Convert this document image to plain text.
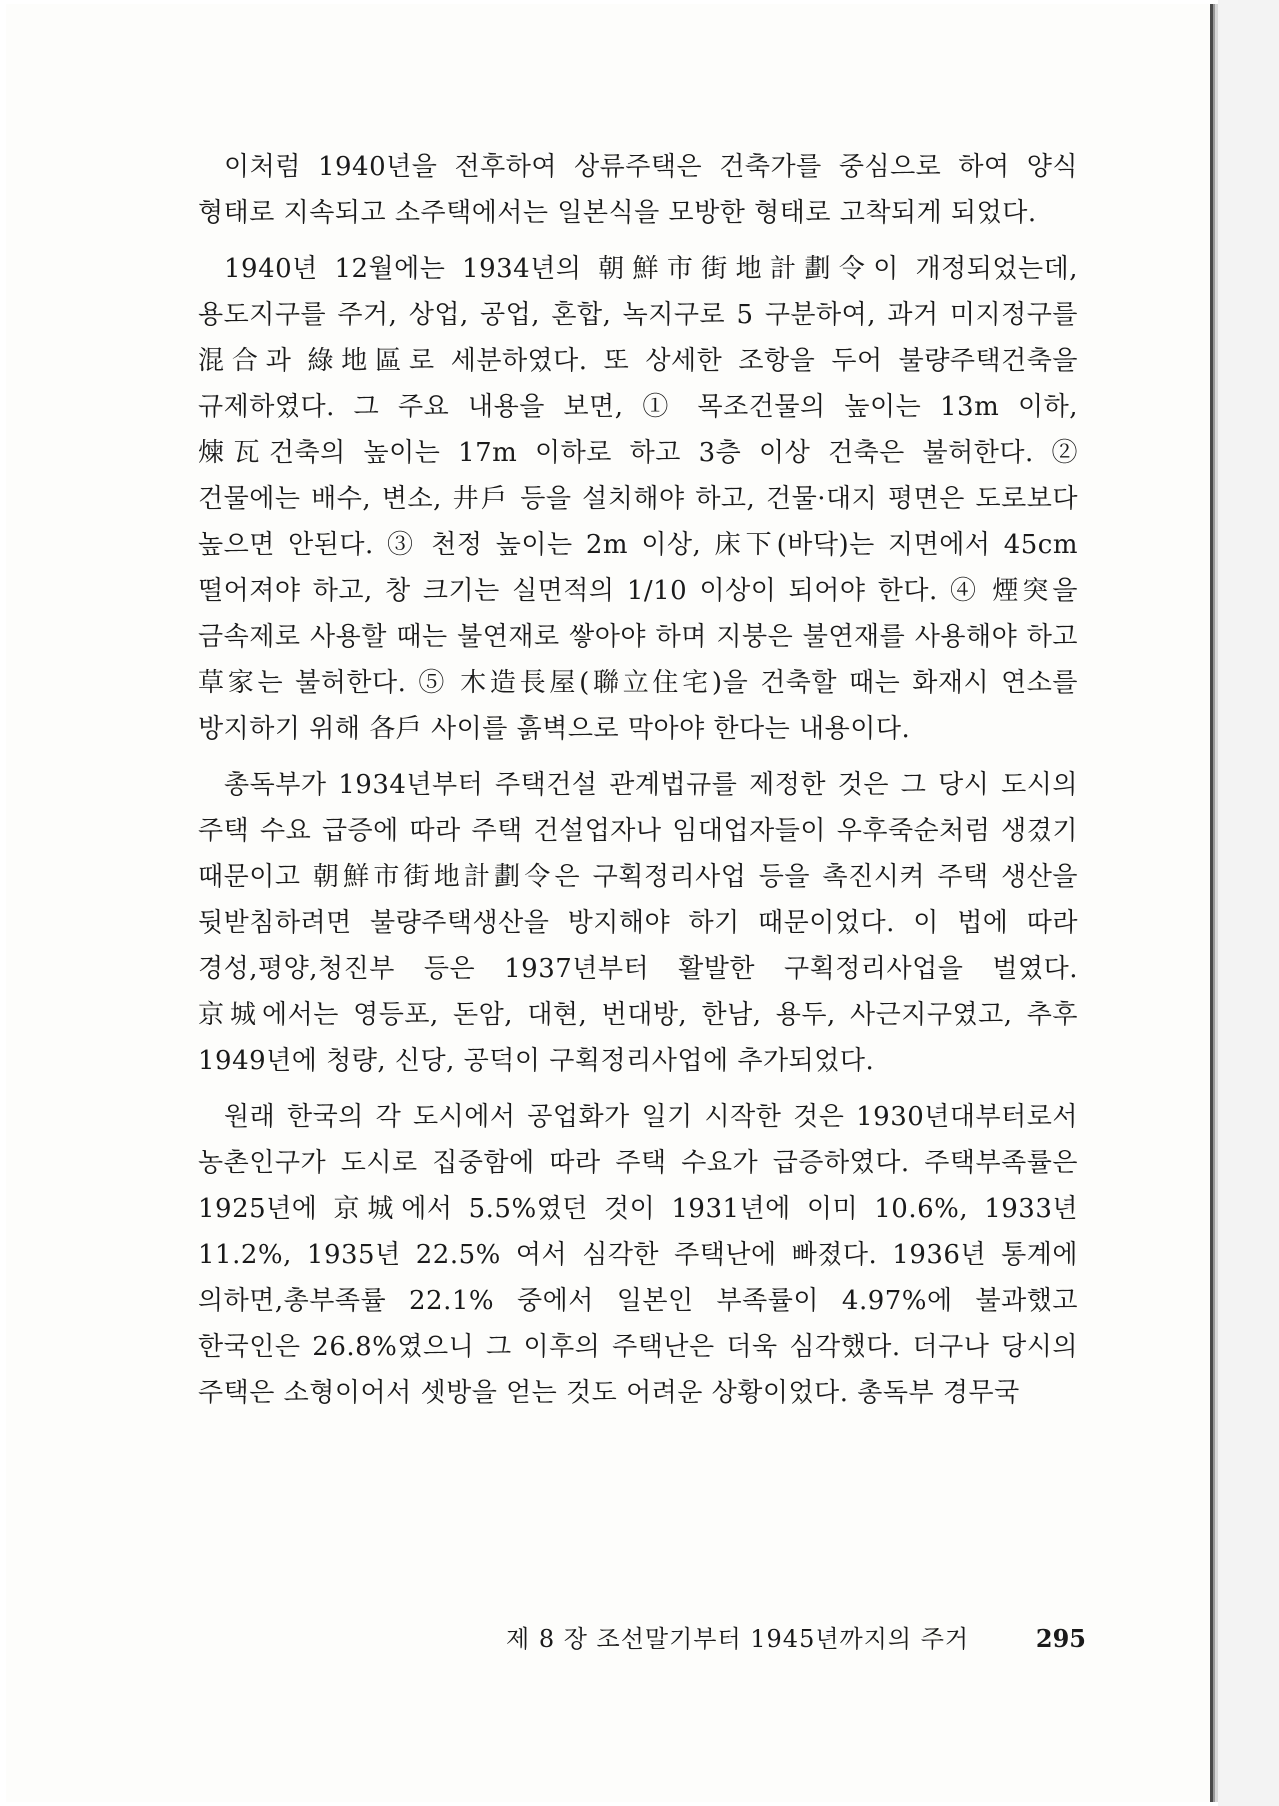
이처럼 1940년을 전후하여 상류주택은 건축가를 중심으로 하여 양식 형태로 지속되고 소주택에서는 일본식을 모방한 형태로 고착되게 되었다.

1940년 12월에는 1934년의 朝鮮市街地計劃令이 개정되었는데, 용도지구를 주거, 상업, 공업, 혼합, 녹지구로 5 구분하여, 과거 미지정구를 混合과 綠地區로 세분하였다. 또 상세한 조항을 두어 불량주택건축을 규제하였다. 그 주요 내용을 보면, ① 목조건물의 높이는 13m 이하, 煉瓦건축의 높이는 17m 이하로 하고 3층 이상 건축은 불허한다. ② 건물에는 배수, 변소, 井戶 등을 설치해야 하고, 건물·대지 평면은 도로보다 높으면 안된다. ③ 천정 높이는 2m 이상, 床下(바닥)는 지면에서 45cm 떨어져야 하고, 창 크기는 실면적의 1/10 이상이 되어야 한다. ④ 煙突을 금속제로 사용할 때는 불연재로 쌓아야 하며 지붕은 불연재를 사용해야 하고 草家는 불허한다. ⑤ 木造長屋(聯立住宅)을 건축할 때는 화재시 연소를 방지하기 위해 各戶 사이를 흙벽으로 막아야 한다는 내용이다.

총독부가 1934년부터 주택건설 관계법규를 제정한 것은 그 당시 도시의 주택 수요 급증에 따라 주택 건설업자나 임대업자들이 우후죽순처럼 생겼기 때문이고 朝鮮市街地計劃令은 구획정리사업 등을 촉진시켜 주택 생산을 뒷받침하려면 불량주택생산을 방지해야 하기 때문이었다. 이 법에 따라 경성,평양,청진부 등은 1937년부터 활발한 구획정리사업을 벌였다. 京城에서는 영등포, 돈암, 대현, 번대방, 한남, 용두, 사근지구였고, 추후 1949년에 청량, 신당, 공덕이 구획정리사업에 추가되었다.

원래 한국의 각 도시에서 공업화가 일기 시작한 것은 1930년대부터로서 농촌인구가 도시로 집중함에 따라 주택 수요가 급증하였다. 주택부족률은 1925년에 京城에서 5.5%였던 것이 1931년에 이미 10.6%, 1933년 11.2%, 1935년 22.5% 여서 심각한 주택난에 빠졌다. 1936년 통계에 의하면,총부족률 22.1% 중에서 일본인 부족률이 4.97%에 불과했고 한국인은 26.8%였으니 그 이후의 주택난은 더욱 심각했다. 더구나 당시의 주택은 소형이어서 셋방을 얻는 것도 어려운 상황이었다. 총독부 경무국

제 8 장 조선말기부터 1945년까지의 주거	295
